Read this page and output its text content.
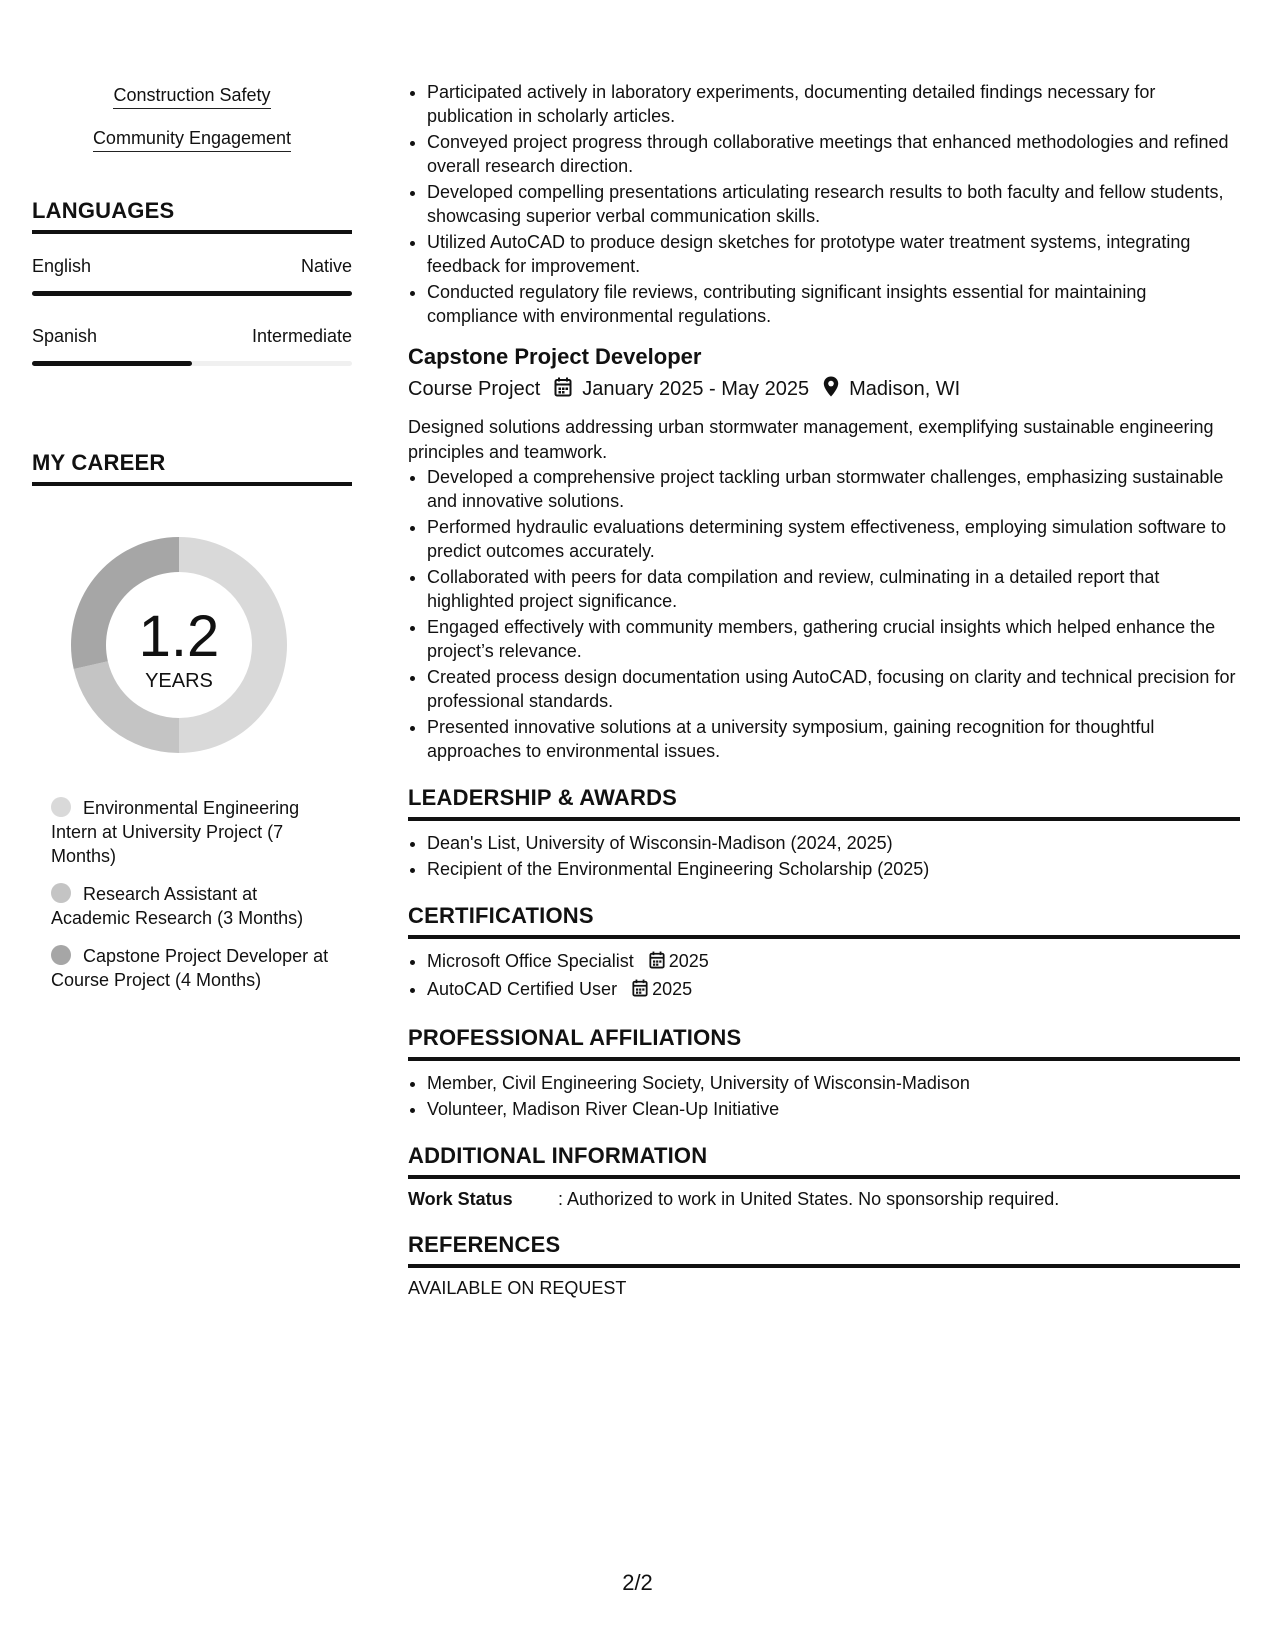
Construction Safety
Community Engagement
LANGUAGES
English	Native
Spanish	Intermediate
MY CAREER
1.2
YEARS
Environmental Engineering Intern at University Project (7 Months)
Research Assistant at Academic Research (3 Months)
Capstone Project Developer at Course Project (4 Months)
• Participated actively in laboratory experiments, documenting detailed findings necessary for publication in scholarly articles.
• Conveyed project progress through collaborative meetings that enhanced methodologies and refined overall research direction.
• Developed compelling presentations articulating research results to both faculty and fellow students, showcasing superior verbal communication skills.
• Utilized AutoCAD to produce design sketches for prototype water treatment systems, integrating feedback for improvement.
• Conducted regulatory file reviews, contributing significant insights essential for maintaining compliance with environmental regulations.
Capstone Project Developer
Course Project January 2025 - May 2025 Madison, WI
Designed solutions addressing urban stormwater management, exemplifying sustainable engineering principles and teamwork.
• Developed a comprehensive project tackling urban stormwater challenges, emphasizing sustainable and innovative solutions.
• Performed hydraulic evaluations determining system effectiveness, employing simulation software to predict outcomes accurately.
• Collaborated with peers for data compilation and review, culminating in a detailed report that highlighted project significance.
• Engaged effectively with community members, gathering crucial insights which helped enhance the project’s relevance.
• Created process design documentation using AutoCAD, focusing on clarity and technical precision for professional standards.
• Presented innovative solutions at a university symposium, gaining recognition for thoughtful approaches to environmental issues.
LEADERSHIP & AWARDS
• Dean's List, University of Wisconsin-Madison (2024, 2025)
• Recipient of the Environmental Engineering Scholarship (2025)
CERTIFICATIONS
• Microsoft Office Specialist 2025
• AutoCAD Certified User 2025
PROFESSIONAL AFFILIATIONS
• Member, Civil Engineering Society, University of Wisconsin-Madison
• Volunteer, Madison River Clean-Up Initiative
ADDITIONAL INFORMATION
Work Status	: Authorized to work in United States. No sponsorship required.
REFERENCES
AVAILABLE ON REQUEST
2/2
